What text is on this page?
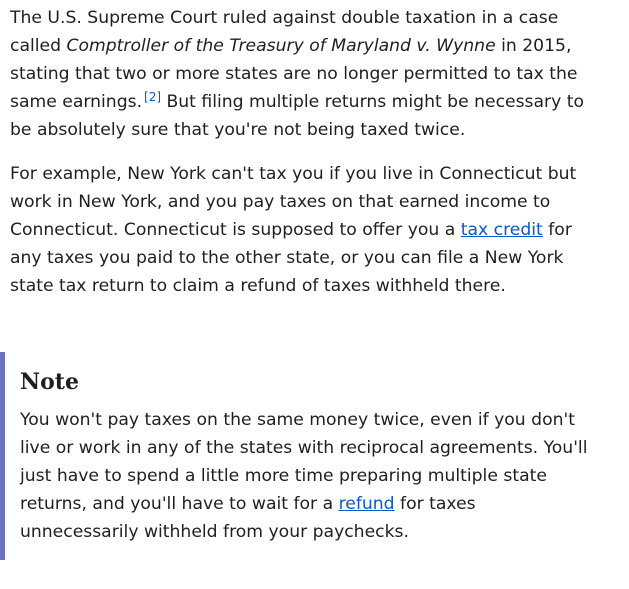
The U.S. Supreme Court ruled against double taxation in a case called Comptroller of the Treasury of Maryland v. Wynne in 2015, stating that two or more states are no longer permitted to tax the same earnings. [2] But filing multiple returns might be necessary to be absolutely sure that you're not being taxed twice.

For example, New York can't tax you if you live in Connecticut but work in New York, and you pay taxes on that earned income to Connecticut. Connecticut is supposed to offer you a tax credit for any taxes you paid to the other state, or you can file a New York state tax return to claim a refund of taxes withheld there.

Note

You won't pay taxes on the same money twice, even if you don't live or work in any of the states with reciprocal agreements. You'll just have to spend a little more time preparing multiple state returns, and you'll have to wait for a refund for taxes unnecessarily withheld from your paychecks.
